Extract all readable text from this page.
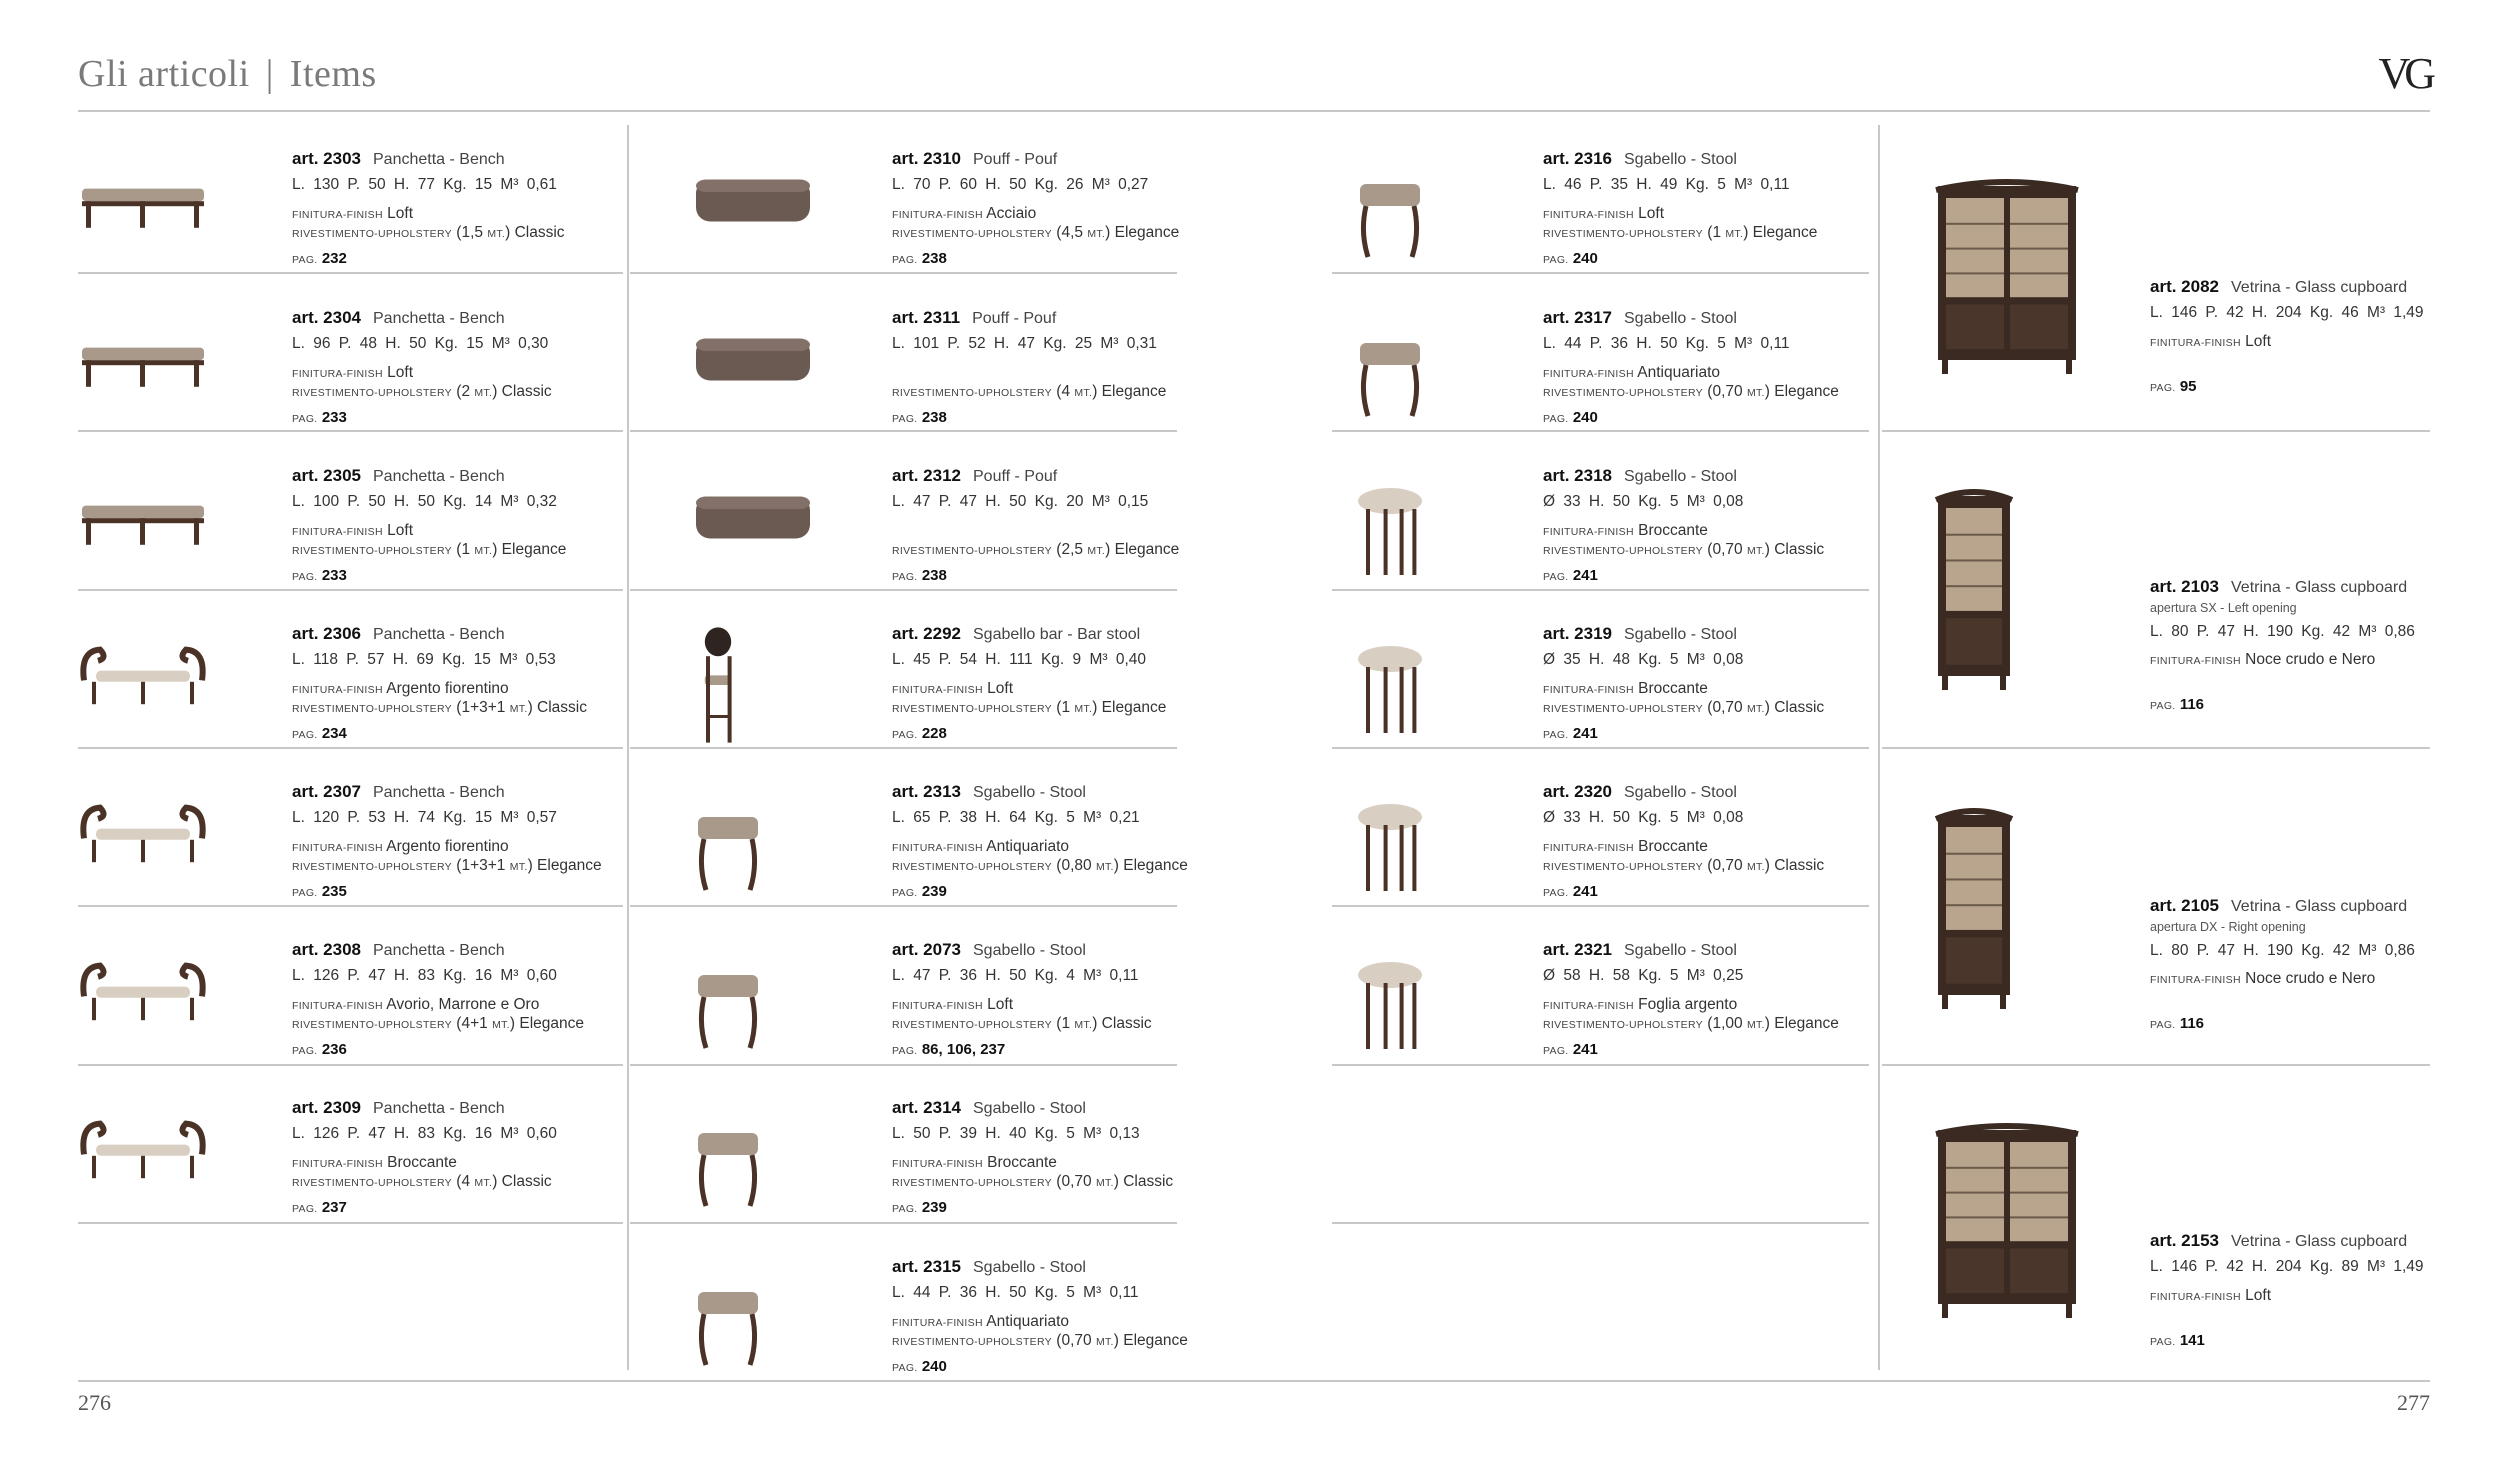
Gli articoli | Items	VG
art. 2303 Panchetta - Bench
L. 130 P. 50 H. 77 Kg. 15 M³ 0,61
FINITURA-FINISH Loft
RIVESTIMENTO-UPHOLSTERY (1,5 MT.) Classic
PAG. 232
art. 2304 Panchetta - Bench
L. 96 P. 48 H. 50 Kg. 15 M³ 0,30
FINITURA-FINISH Loft
RIVESTIMENTO-UPHOLSTERY (2 MT.) Classic
PAG. 233
art. 2305 Panchetta - Bench
L. 100 P. 50 H. 50 Kg. 14 M³ 0,32
FINITURA-FINISH Loft
RIVESTIMENTO-UPHOLSTERY (1 MT.) Elegance
PAG. 233
art. 2306 Panchetta - Bench
L. 118 P. 57 H. 69 Kg. 15 M³ 0,53
FINITURA-FINISH Argento fiorentino
RIVESTIMENTO-UPHOLSTERY (1+3+1 MT.) Classic
PAG. 234
art. 2307 Panchetta - Bench
L. 120 P. 53 H. 74 Kg. 15 M³ 0,57
FINITURA-FINISH Argento fiorentino
RIVESTIMENTO-UPHOLSTERY (1+3+1 MT.) Elegance
PAG. 235
art. 2308 Panchetta - Bench
L. 126 P. 47 H. 83 Kg. 16 M³ 0,60
FINITURA-FINISH Avorio, Marrone e Oro
RIVESTIMENTO-UPHOLSTERY (4+1 MT.) Elegance
PAG. 236
art. 2309 Panchetta - Bench
L. 126 P. 47 H. 83 Kg. 16 M³ 0,60
FINITURA-FINISH Broccante
RIVESTIMENTO-UPHOLSTERY (4 MT.) Classic
PAG. 237
art. 2310 Pouff - Pouf
L. 70 P. 60 H. 50 Kg. 26 M³ 0,27
FINITURA-FINISH Acciaio
RIVESTIMENTO-UPHOLSTERY (4,5 MT.) Elegance
PAG. 238
art. 2311 Pouff - Pouf
L. 101 P. 52 H. 47 Kg. 25 M³ 0,31

RIVESTIMENTO-UPHOLSTERY (4 MT.) Elegance
PAG. 238
art. 2312 Pouff - Pouf
L. 47 P. 47 H. 50 Kg. 20 M³ 0,15

RIVESTIMENTO-UPHOLSTERY (2,5 MT.) Elegance
PAG. 238
art. 2292 Sgabello bar - Bar stool
L. 45 P. 54 H. 111 Kg. 9 M³ 0,40
FINITURA-FINISH Loft
RIVESTIMENTO-UPHOLSTERY (1 MT.) Elegance
PAG. 228
art. 2313 Sgabello - Stool
L. 65 P. 38 H. 64 Kg. 5 M³ 0,21
FINITURA-FINISH Antiquariato
RIVESTIMENTO-UPHOLSTERY (0,80 MT.) Elegance
PAG. 239
art. 2073 Sgabello - Stool
L. 47 P. 36 H. 50 Kg. 4 M³ 0,11
FINITURA-FINISH Loft
RIVESTIMENTO-UPHOLSTERY (1 MT.) Classic
PAG. 86, 106, 237
art. 2314 Sgabello - Stool
L. 50 P. 39 H. 40 Kg. 5 M³ 0,13
FINITURA-FINISH Broccante
RIVESTIMENTO-UPHOLSTERY (0,70 MT.) Classic
PAG. 239
art. 2315 Sgabello - Stool
L. 44 P. 36 H. 50 Kg. 5 M³ 0,11
FINITURA-FINISH Antiquariato
RIVESTIMENTO-UPHOLSTERY (0,70 MT.) Elegance
PAG. 240
art. 2316 Sgabello - Stool
L. 46 P. 35 H. 49 Kg. 5 M³ 0,11
FINITURA-FINISH Loft
RIVESTIMENTO-UPHOLSTERY (1 MT.) Elegance
PAG. 240
art. 2317 Sgabello - Stool
L. 44 P. 36 H. 50 Kg. 5 M³ 0,11
FINITURA-FINISH Antiquariato
RIVESTIMENTO-UPHOLSTERY (0,70 MT.) Elegance
PAG. 240
art. 2318 Sgabello - Stool
Ø 33 H. 50 Kg. 5 M³ 0,08
FINITURA-FINISH Broccante
RIVESTIMENTO-UPHOLSTERY (0,70 MT.) Classic
PAG. 241
art. 2319 Sgabello - Stool
Ø 35 H. 48 Kg. 5 M³ 0,08
FINITURA-FINISH Broccante
RIVESTIMENTO-UPHOLSTERY (0,70 MT.) Classic
PAG. 241
art. 2320 Sgabello - Stool
Ø 33 H. 50 Kg. 5 M³ 0,08
FINITURA-FINISH Broccante
RIVESTIMENTO-UPHOLSTERY (0,70 MT.) Classic
PAG. 241
art. 2321 Sgabello - Stool
Ø 58 H. 58 Kg. 5 M³ 0,25
FINITURA-FINISH Foglia argento
RIVESTIMENTO-UPHOLSTERY (1,00 MT.) Elegance
PAG. 241
art. 2082 Vetrina - Glass cupboard
L. 146 P. 42 H. 204 Kg. 46 M³ 1,49
FINITURA-FINISH Loft

PAG. 95
art. 2103 Vetrina - Glass cupboard
apertura SX - Left opening
L. 80 P. 47 H. 190 Kg. 42 M³ 0,86
FINITURA-FINISH Noce crudo e Nero

PAG. 116
art. 2105 Vetrina - Glass cupboard
apertura DX - Right opening
L. 80 P. 47 H. 190 Kg. 42 M³ 0,86
FINITURA-FINISH Noce crudo e Nero

PAG. 116
art. 2153 Vetrina - Glass cupboard
L. 146 P. 42 H. 204 Kg. 89 M³ 1,49
FINITURA-FINISH Loft

PAG. 141
276	277
